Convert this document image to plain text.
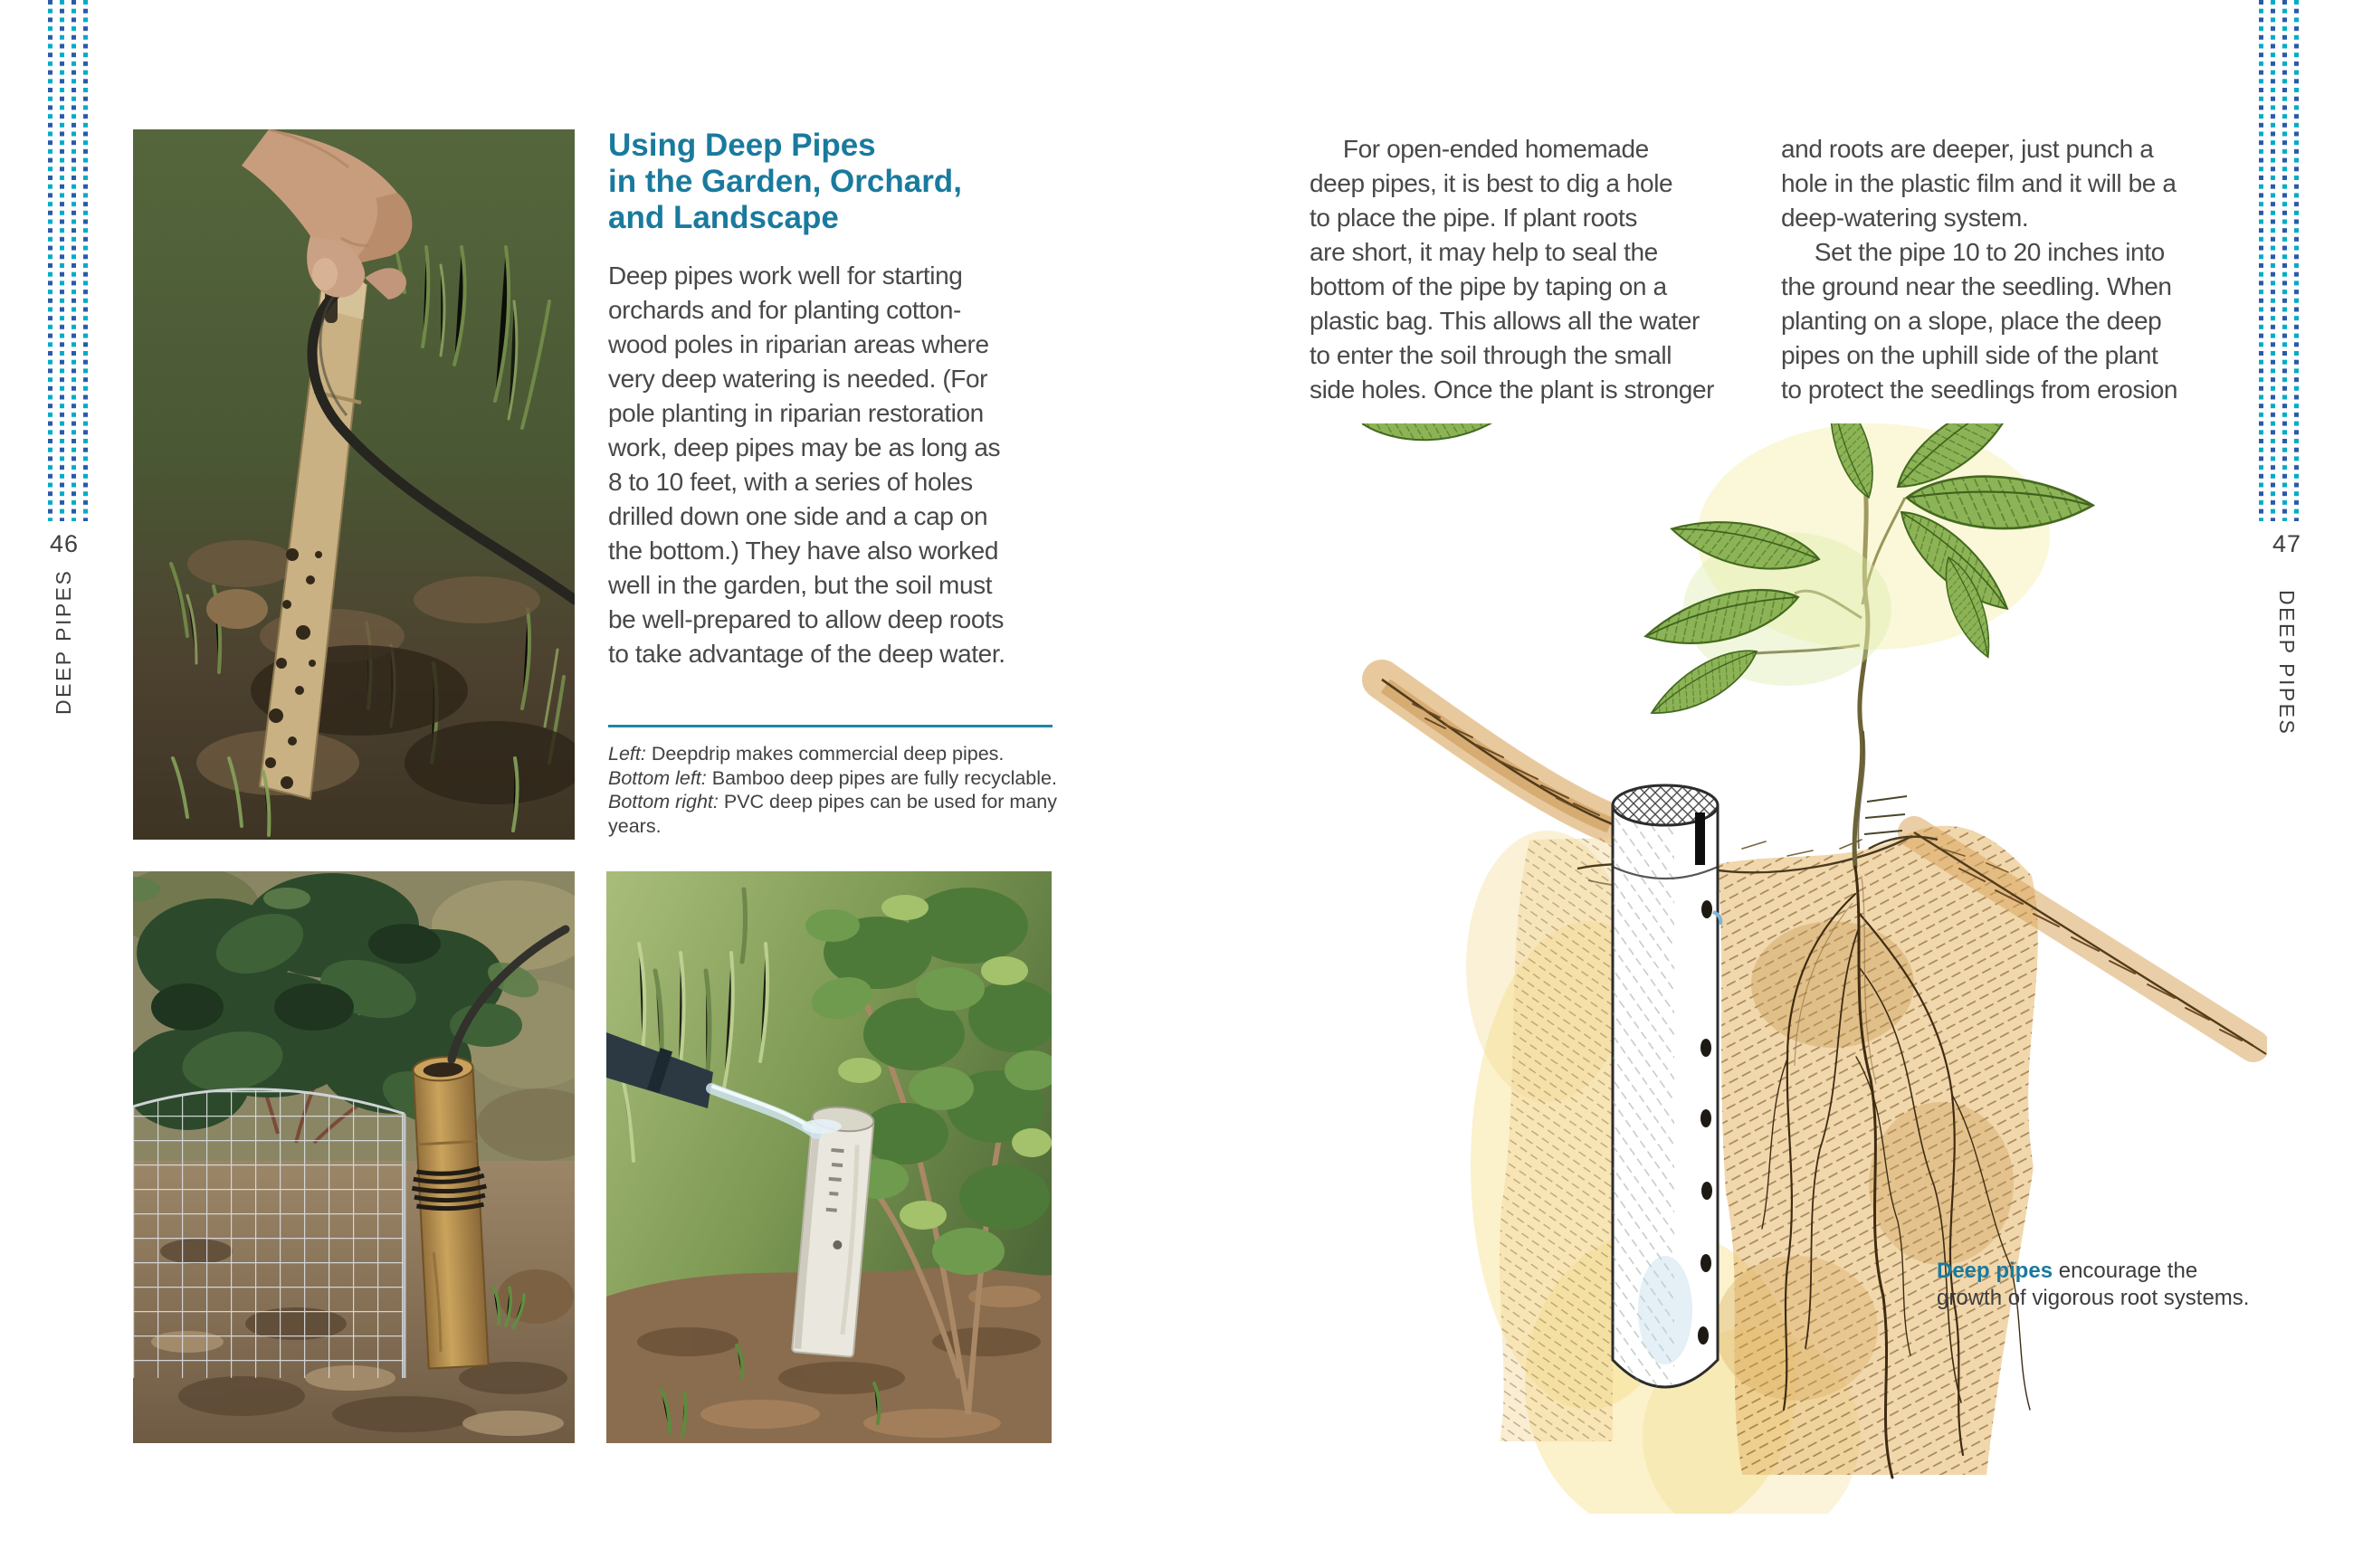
46	47
DEEP PIPES	DEEP PIPES
Using Deep Pipes
in the Garden, Orchard,
and Landscape
Deep pipes work well for starting
orchards and for planting cotton-
wood poles in riparian areas where
very deep watering is needed. (For
pole planting in riparian restoration
work, deep pipes may be as long as
8 to 10 feet, with a series of holes
drilled down one side and a cap on
the bottom.) They have also worked
well in the garden, but the soil must
be well-prepared to allow deep roots
to take advantage of the deep water.
Left: Deepdrip makes commercial deep pipes. Bottom left: Bamboo deep pipes are fully recyclable. Bottom right: PVC deep pipes can be used for many years.
For open-ended homemade
deep pipes, it is best to dig a hole
to place the pipe. If plant roots
are short, it may help to seal the
bottom of the pipe by taping on a
plastic bag. This allows all the water
to enter the soil through the small
side holes. Once the plant is stronger
and roots are deeper, just punch a
hole in the plastic film and it will be a
deep-watering system.
Set the pipe 10 to 20 inches into
the ground near the seedling. When
planting on a slope, place the deep
pipes on the uphill side of the plant
to protect the seedlings from erosion
Deep pipes encourage the growth of vigorous root systems.
